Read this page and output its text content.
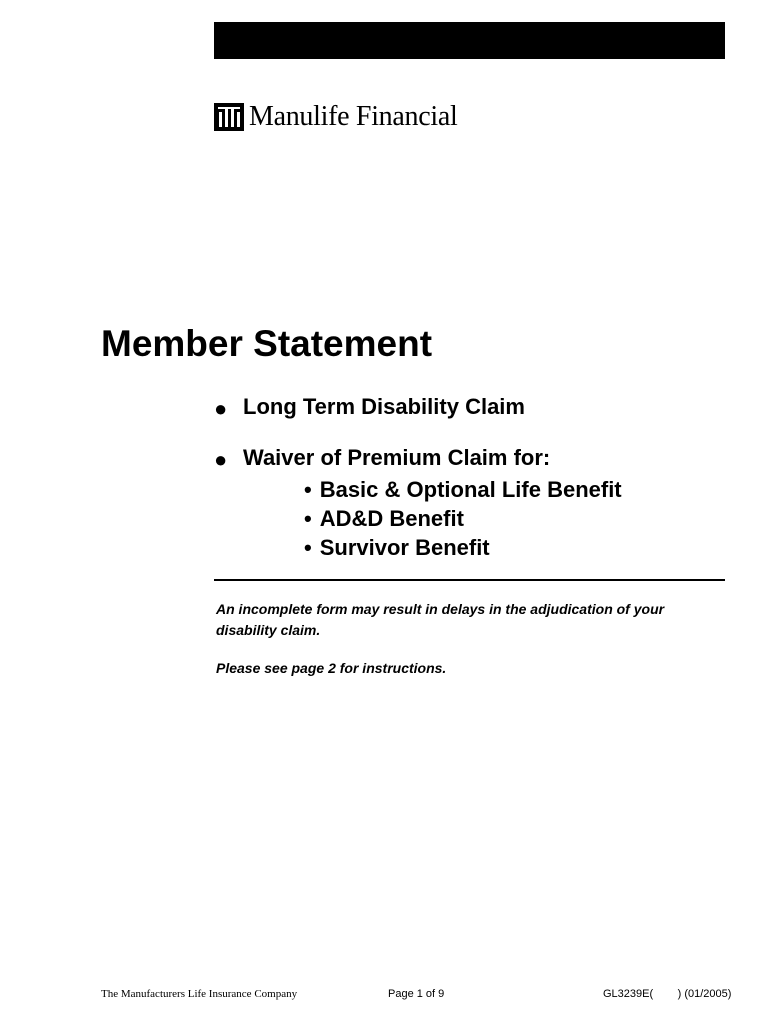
Manulife Financial
Member Statement
● Long Term Disability Claim
● Waiver of Premium Claim for:
• Basic & Optional Life Benefit
• AD&D Benefit
• Survivor Benefit

An incomplete form may result in delays in the adjudication of your disability claim.

Please see page 2 for instructions.

The Manufacturers Life Insurance Company	Page 1 of 9	GL3239E(        ) (01/2005)
